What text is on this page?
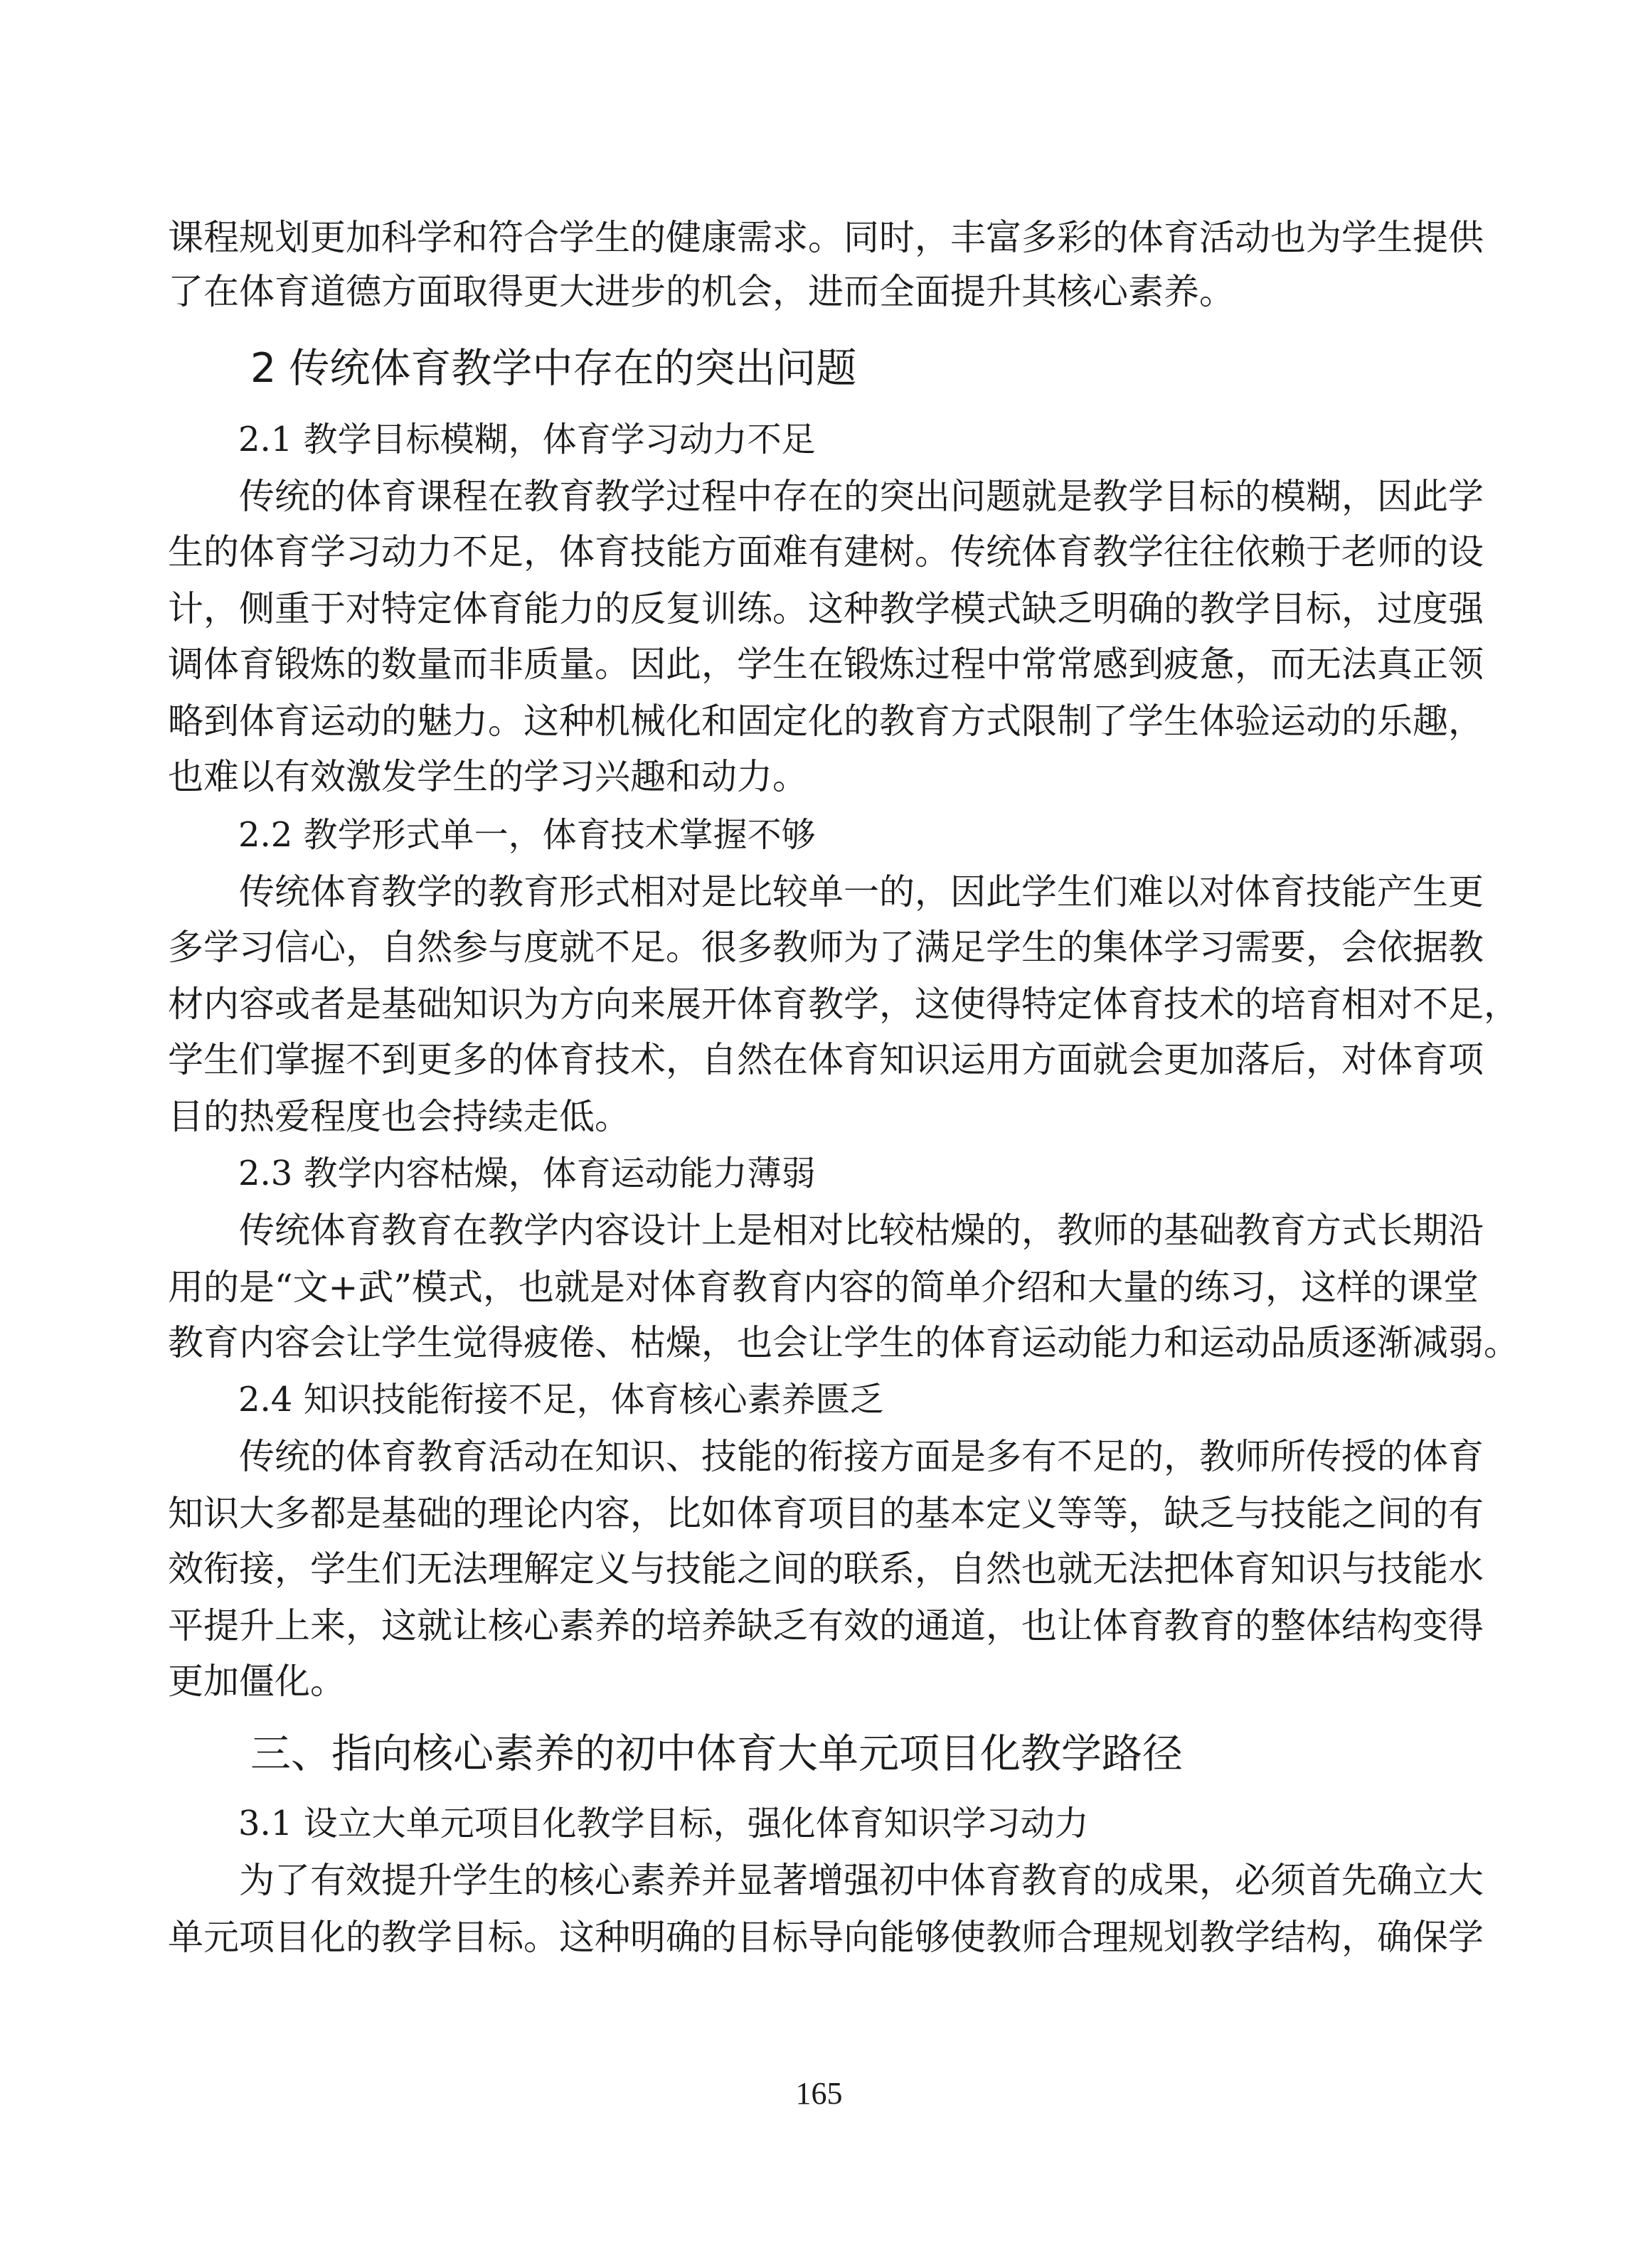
课程规划更加科学和符合学生的健康需求。同时，丰富多彩的体育活动也为学生提供
了在体育道德方面取得更大进步的机会，进而全面提升其核心素养。
2 传统体育教学中存在的突出问题
2.1 教学目标模糊，体育学习动力不足
传统的体育课程在教育教学过程中存在的突出问题就是教学目标的模糊，因此学
生的体育学习动力不足，体育技能方面难有建树。传统体育教学往往依赖于老师的设
计，侧重于对特定体育能力的反复训练。这种教学模式缺乏明确的教学目标，过度强
调体育锻炼的数量而非质量。因此，学生在锻炼过程中常常感到疲惫，而无法真正领
略到体育运动的魅力。这种机械化和固定化的教育方式限制了学生体验运动的乐趣，
也难以有效激发学生的学习兴趣和动力。
2.2 教学形式单一，体育技术掌握不够
传统体育教学的教育形式相对是比较单一的，因此学生们难以对体育技能产生更
多学习信心，自然参与度就不足。很多教师为了满足学生的集体学习需要，会依据教
材内容或者是基础知识为方向来展开体育教学，这使得特定体育技术的培育相对不足，
学生们掌握不到更多的体育技术，自然在体育知识运用方面就会更加落后，对体育项
目的热爱程度也会持续走低。
2.3 教学内容枯燥，体育运动能力薄弱
传统体育教育在教学内容设计上是相对比较枯燥的，教师的基础教育方式长期沿
用的是“文+武”模式，也就是对体育教育内容的简单介绍和大量的练习，这样的课堂
教育内容会让学生觉得疲倦、枯燥，也会让学生的体育运动能力和运动品质逐渐减弱。
2.4 知识技能衔接不足，体育核心素养匮乏
传统的体育教育活动在知识、技能的衔接方面是多有不足的，教师所传授的体育
知识大多都是基础的理论内容，比如体育项目的基本定义等等，缺乏与技能之间的有
效衔接，学生们无法理解定义与技能之间的联系，自然也就无法把体育知识与技能水
平提升上来，这就让核心素养的培养缺乏有效的通道，也让体育教育的整体结构变得
更加僵化。
三、指向核心素养的初中体育大单元项目化教学路径
3.1 设立大单元项目化教学目标，强化体育知识学习动力
为了有效提升学生的核心素养并显著增强初中体育教育的成果，必须首先确立大
单元项目化的教学目标。这种明确的目标导向能够使教师合理规划教学结构，确保学
165
